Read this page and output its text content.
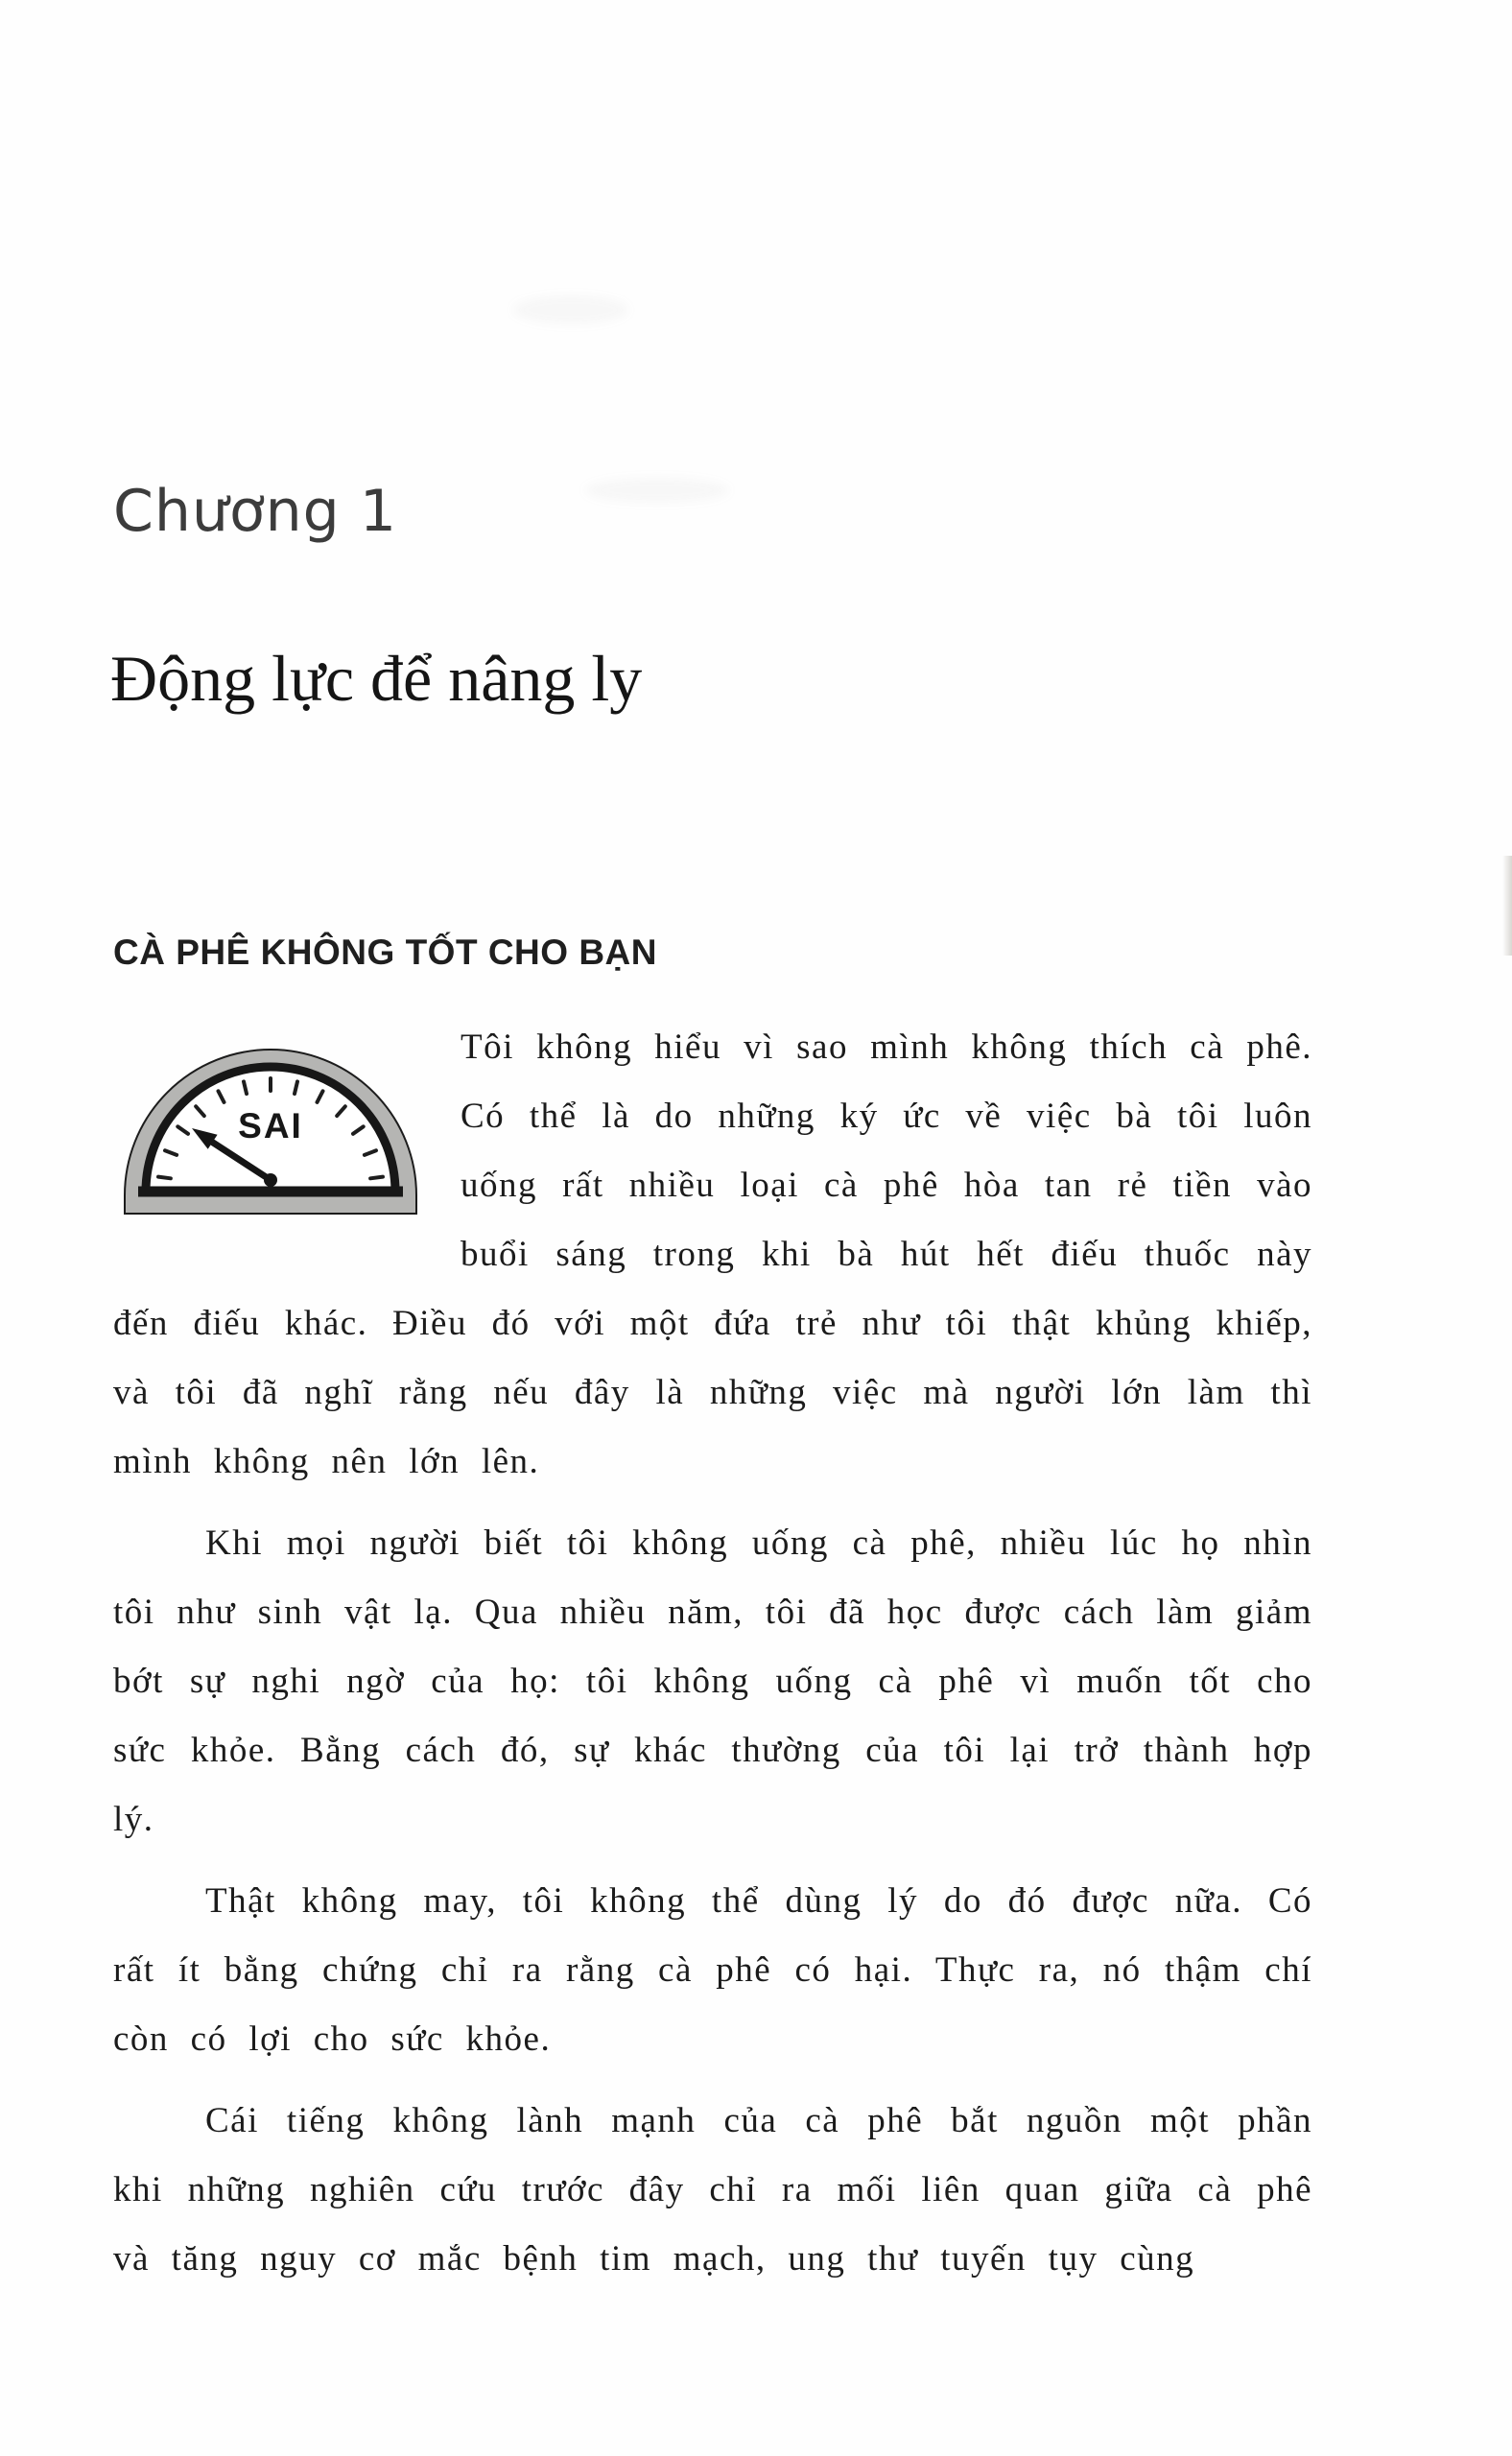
Chương 1
Động lực để nâng ly
CÀ PHÊ KHÔNG TỐT CHO BẠN
SAI

Tôi không hiểu vì sao mình không thích cà phê. Có thể là do những ký ức về việc bà tôi luôn uống rất nhiều loại cà phê hòa tan rẻ tiền vào buổi sáng trong khi bà hút hết điếu thuốc này đến điếu khác. Điều đó với một đứa trẻ như tôi thật khủng khiếp, và tôi đã nghĩ rằng nếu đây là những việc mà người lớn làm thì mình không nên lớn lên.

Khi mọi người biết tôi không uống cà phê, nhiều lúc họ nhìn tôi như sinh vật lạ. Qua nhiều năm, tôi đã học được cách làm giảm bớt sự nghi ngờ của họ: tôi không uống cà phê vì muốn tốt cho sức khỏe. Bằng cách đó, sự khác thường của tôi lại trở thành hợp lý.

Thật không may, tôi không thể dùng lý do đó được nữa. Có rất ít bằng chứng chỉ ra rằng cà phê có hại. Thực ra, nó thậm chí còn có lợi cho sức khỏe.

Cái tiếng không lành mạnh của cà phê bắt nguồn một phần khi những nghiên cứu trước đây chỉ ra mối liên quan giữa cà phê và tăng nguy cơ mắc bệnh tim mạch, ung thư tuyến tụy cùng
